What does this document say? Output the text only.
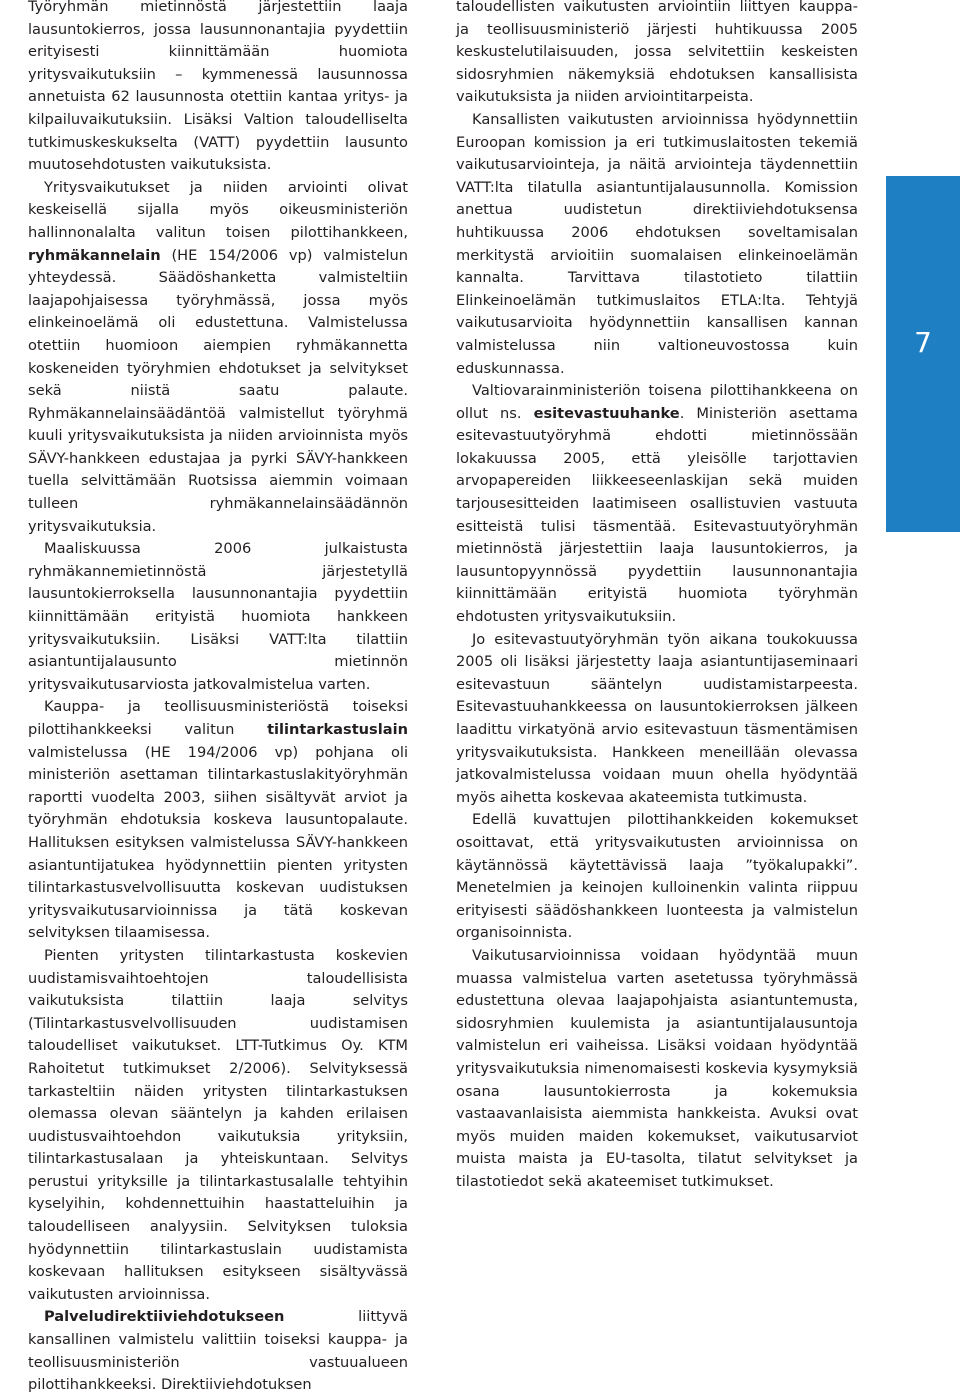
Työryhmän mietinnöstä järjestettiin laaja lausuntokierros, jossa lausunnonantajia pyydettiin erityisesti kiinnittämään huomiota yritysvaikutuksiin – kymmenessä lausunnossa annetuista 62 lausunnosta otettiin kantaa yritys- ja kilpailuvaikutuksiin. Lisäksi Valtion taloudelliselta tutkimuskeskukselta (VATT) pyydettiin lausunto muutosehdotusten vaikutuksista.

Yritysvaikutukset ja niiden arviointi olivat keskeisellä sijalla myös oikeusministeriön hallinnonalalta valitun toisen pilottihankkeen, ryhmäkannelain (HE 154/2006 vp) valmistelun yhteydessä. Säädöshanketta valmisteltiin laajapohjaisessa työryhmässä, jossa myös elinkeinoelämä oli edustettuna. Valmistelussa otettiin huomioon aiempien ryhmäkannetta koskeneiden työryhmien ehdotukset ja selvitykset sekä niistä saatu palaute. Ryhmäkannelainsäädäntöä valmistellut työryhmä kuuli yritysvaikutuksista ja niiden arvioinnista myös SÄVY-hankkeen edustajaa ja pyrki SÄVY-hankkeen tuella selvittämään Ruotsissa aiemmin voimaan tulleen ryhmäkannelainsäädännön yritysvaikutuksia.

Maaliskuussa 2006 julkaistusta ryhmäkannemietinnöstä järjestetyllä lausuntokierroksella lausunnonantajia pyydettiin kiinnittämään erityistä huomiota hankkeen yritysvaikutuksiin. Lisäksi VATT:lta tilattiin asiantuntijalausunto mietinnön yritysvaikutusarviosta jatkovalmistelua varten.

Kauppa- ja teollisuusministeriöstä toiseksi pilottihankkeeksi valitun tilintarkastuslain valmistelussa (HE 194/2006 vp) pohjana oli ministeriön asettaman tilintarkastuslakityöryhmän raportti vuodelta 2003, siihen sisältyvät arviot ja työryhmän ehdotuksia koskeva lausuntopalaute. Hallituksen esityksen valmistelussa SÄVY-hankkeen asiantuntijatukea hyödynnettiin pienten yritysten tilintarkastusvelvollisuutta koskevan uudistuksen yritysvaikutusarvioinnissa ja tätä koskevan selvityksen tilaamisessa.

Pienten yritysten tilintarkastusta koskevien uudistamisvaihtoehtojen taloudellisista vaikutuksista tilattiin laaja selvitys (Tilintarkastusvelvollisuuden uudistamisen taloudelliset vaikutukset. LTT-Tutkimus Oy. KTM Rahoitetut tutkimukset 2/2006). Selvityksessä tarkasteltiin näiden yritysten tilintarkastuksen olemassa olevan sääntelyn ja kahden erilaisen uudistusvaihtoehdon vaikutuksia yrityksiin, tilintarkastusalaan ja yhteiskuntaan. Selvitys perustui yrityksille ja tilintarkastusalalle tehtyihin kyselyihin, kohdennettuihin haastatteluihin ja taloudelliseen analyysiin. Selvityksen tuloksia hyödynnettiin tilintarkastuslain uudistamista koskevaan hallituksen esitykseen sisältyvässä vaikutusten arvioinnissa.

Palveludirektiiviehdotukseen liittyvä kansallinen valmistelu valittiin toiseksi kauppa- ja teollisuusministeriön vastuualueen pilottihankkeeksi. Direktiiviehdotuksen

taloudellisten vaikutusten arviointiin liittyen kauppa- ja teollisuusministeriö järjesti huhtikuussa 2005 keskustelutilaisuuden, jossa selvitettiin keskeisten sidosryhmien näkemyksiä ehdotuksen kansallisista vaikutuksista ja niiden arviointitarpeista.

Kansallisten vaikutusten arvioinnissa hyödynnettiin Euroopan komission ja eri tutkimuslaitosten tekemiä vaikutusarviointeja, ja näitä arviointeja täydennettiin VATT:lta tilatulla asiantuntijalausunnolla. Komission anettua uudistetun direktiiviehdotuksensa huhtikuussa 2006 ehdotuksen soveltamisalan merkitystä arvioitiin suomalaisen elinkeinoelämän kannalta. Tarvittava tilastotieto tilattiin Elinkeinoelämän tutkimuslaitos ETLA:lta. Tehtyjä vaikutusarvioita hyödynnettiin kansallisen kannan valmistelussa niin valtioneuvostossa kuin eduskunnassa.

Valtiovarainministeriön toisena pilottihankkeena on ollut ns. esitevastuuhanke. Ministeriön asettama esitevastuutyöryhmä ehdotti mietinnössään lokakuussa 2005, että yleisölle tarjottavien arvopapereiden liikkeeseenlaskijan sekä muiden tarjousesitteiden laatimiseen osallistuvien vastuuta esitteistä tulisi täsmentää. Esitevastuutyöryhmän mietinnöstä järjestettiin laaja lausuntokierros, ja lausuntopyynnössä pyydettiin lausunnonantajia kiinnittämään erityistä huomiota työryhmän ehdotusten yritysvaikutuksiin.

Jo esitevastuutyöryhmän työn aikana toukokuussa 2005 oli lisäksi järjestetty laaja asiantuntijaseminaari esitevastuun sääntelyn uudistamistarpeesta. Esitevastuuhankkeessa on lausuntokierroksen jälkeen laadittu virkatyönä arvio esitevastuun täsmentämisen yritysvaikutuksista. Hankkeen meneillään olevassa jatkovalmistelussa voidaan muun ohella hyödyntää myös aihetta koskevaa akateemista tutkimusta.

Edellä kuvattujen pilottihankkeiden kokemukset osoittavat, että yritysvaikutusten arvioinnissa on käytännössä käytettävissä laaja ”työkalupakki”. Menetelmien ja keinojen kulloinenkin valinta riippuu erityisesti säädöshankkeen luonteesta ja valmistelun organisoinnista.

Vaikutusarvioinnissa voidaan hyödyntää muun muassa valmistelua varten asetetussa työryhmässä edustettuna olevaa laajapohjaista asiantuntemusta, sidosryhmien kuulemista ja asiantuntijalausuntoja valmistelun eri vaiheissa. Lisäksi voidaan hyödyntää yritysvaikutuksia nimenomaisesti koskevia kysymyksiä osana lausuntokierrosta ja kokemuksia vastaavanlaisista aiemmista hankkeista. Avuksi ovat myös muiden maiden kokemukset, vaikutusarviot muista maista ja EU-tasolta, tilatut selvitykset ja tilastotiedot sekä akateemiset tutkimukset.

7
